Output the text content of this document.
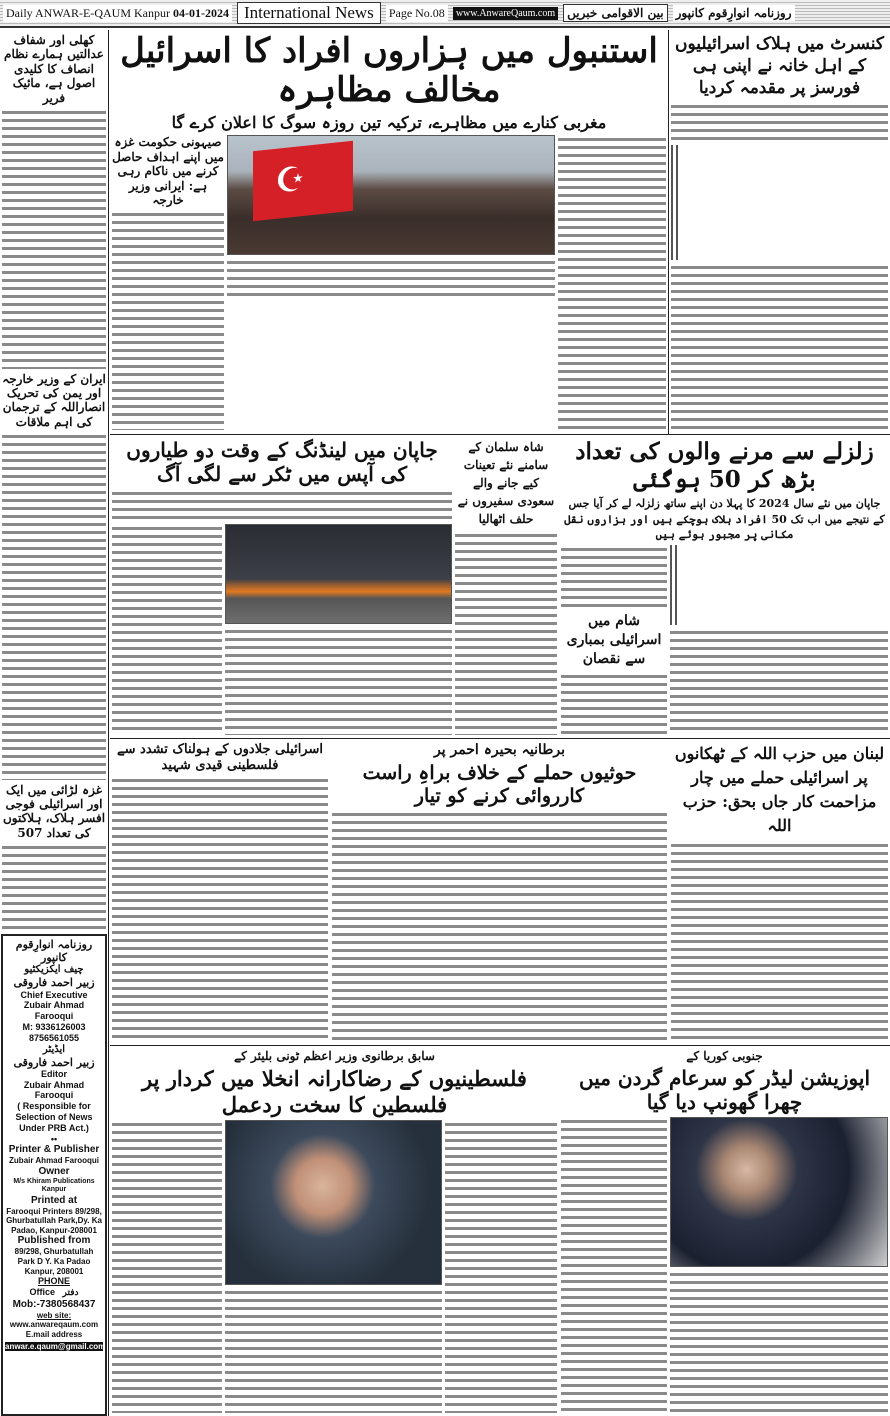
Daily ANWAR-E-QAUM Kanpur 04-01-2024 International News	Page No.08	www.AnwareQaum.com	بین الاقوامی خبریں	روزنامہ انوارِقوم کانپور
کھلی اور شفاف عدالتیں ہمارے نظام انصاف کا کلیدی اصول ہے، مائیک فریر
ایران کے وزیر خارجہ اور یمن کی تحریک انصاراللہ کے ترجمان کی اہم ملاقات
غزہ لڑائی میں ایک اور اسرائیلی فوجی افسر ہلاک، ہلاکتوں کی تعداد 507
روزنامہ انوارِقوم کانپور
چیف ایکزیکٹیو
زبیر احمد فاروقی
Chief Executive
Zubair Ahmad Farooqui
M: 9336126003
8756561055
ایڈیٹر
زبیر احمد فاروقی
Editor
Zubair Ahmad Farooqui
( Responsible for Selection of News Under PRB Act.)
••
Printer & Publisher
Zubair Ahmad Farooqui
Owner
M/s Khiram Publications Kanpur
Printed at
Farooqui Printers 89/298, Ghurbatullah Park,Dy. Ka Padao, Kanpur-208001
Published from
89/298, Ghurbatullah Park D Y. Ka Padao Kanpur, 208001
PHONE
Office دفتر
Mob:-7380568437
web site:
www.anwareqaum.com
E.mail address
anwar.e.qaum@gmail.com
استنبول میں ہزاروں افراد کا اسرائیل مخالف مظاہرہ
مغربی کنارے میں مظاہرے، ترکیہ تین روزہ سوگ کا اعلان کرے گا
صیہونی حکومت غزہ میں اپنے اہداف حاصل کرنے میں ناکام رہی ہے: ایرانی وزیر خارجہ	☪
کنسرٹ میں ہلاک اسرائیلیوں کے اہل خانہ نے اپنی ہی فورسز پر مقدمہ کردیا
جاپان میں لینڈنگ کے وقت دو طیاروں کی آپس میں ٹکر سے لگی آگ
شاہ سلمان کے سامنے نئے تعینات کیے جانے والے سعودی سفیروں نے حلف اٹھالیا
زلزلے سے مرنے والوں کی تعداد بڑھ کر 50 ہوگئی
جاپان میں نئے سال 2024 کا پہلا دن اپنے ساتھ زلزلہ لے کر آیا جس کے نتیجے میں اب تک 50 افراد ہلاک ہوچکے ہیں اور ہزاروں نقل مکانی پر مجبور ہوئے ہیں
شام میں اسرائیلی بمباری سے نقصان
اسرائیلی جلادوں کے ہولناک تشدد سے فلسطینی قیدی شہید
برطانیہ بحیرہ احمر پر
حوثیوں حملے کے خلاف براہِ راست کارروائی کرنے کو تیار
لبنان میں حزب اللہ کے ٹھکانوں پر اسرائیلی حملے میں چار مزاحمت کار جاں بحق: حزب اللہ
سابق برطانوی وزیر اعظم ٹونی بلیئر کے
فلسطینیوں کے رضاکارانہ انخلا میں کردار پر فلسطین کا سخت ردعمل
جنوبی کوریا کے
اپوزیشن لیڈر کو سرعام گردن میں چھرا گھونپ دیا گیا
